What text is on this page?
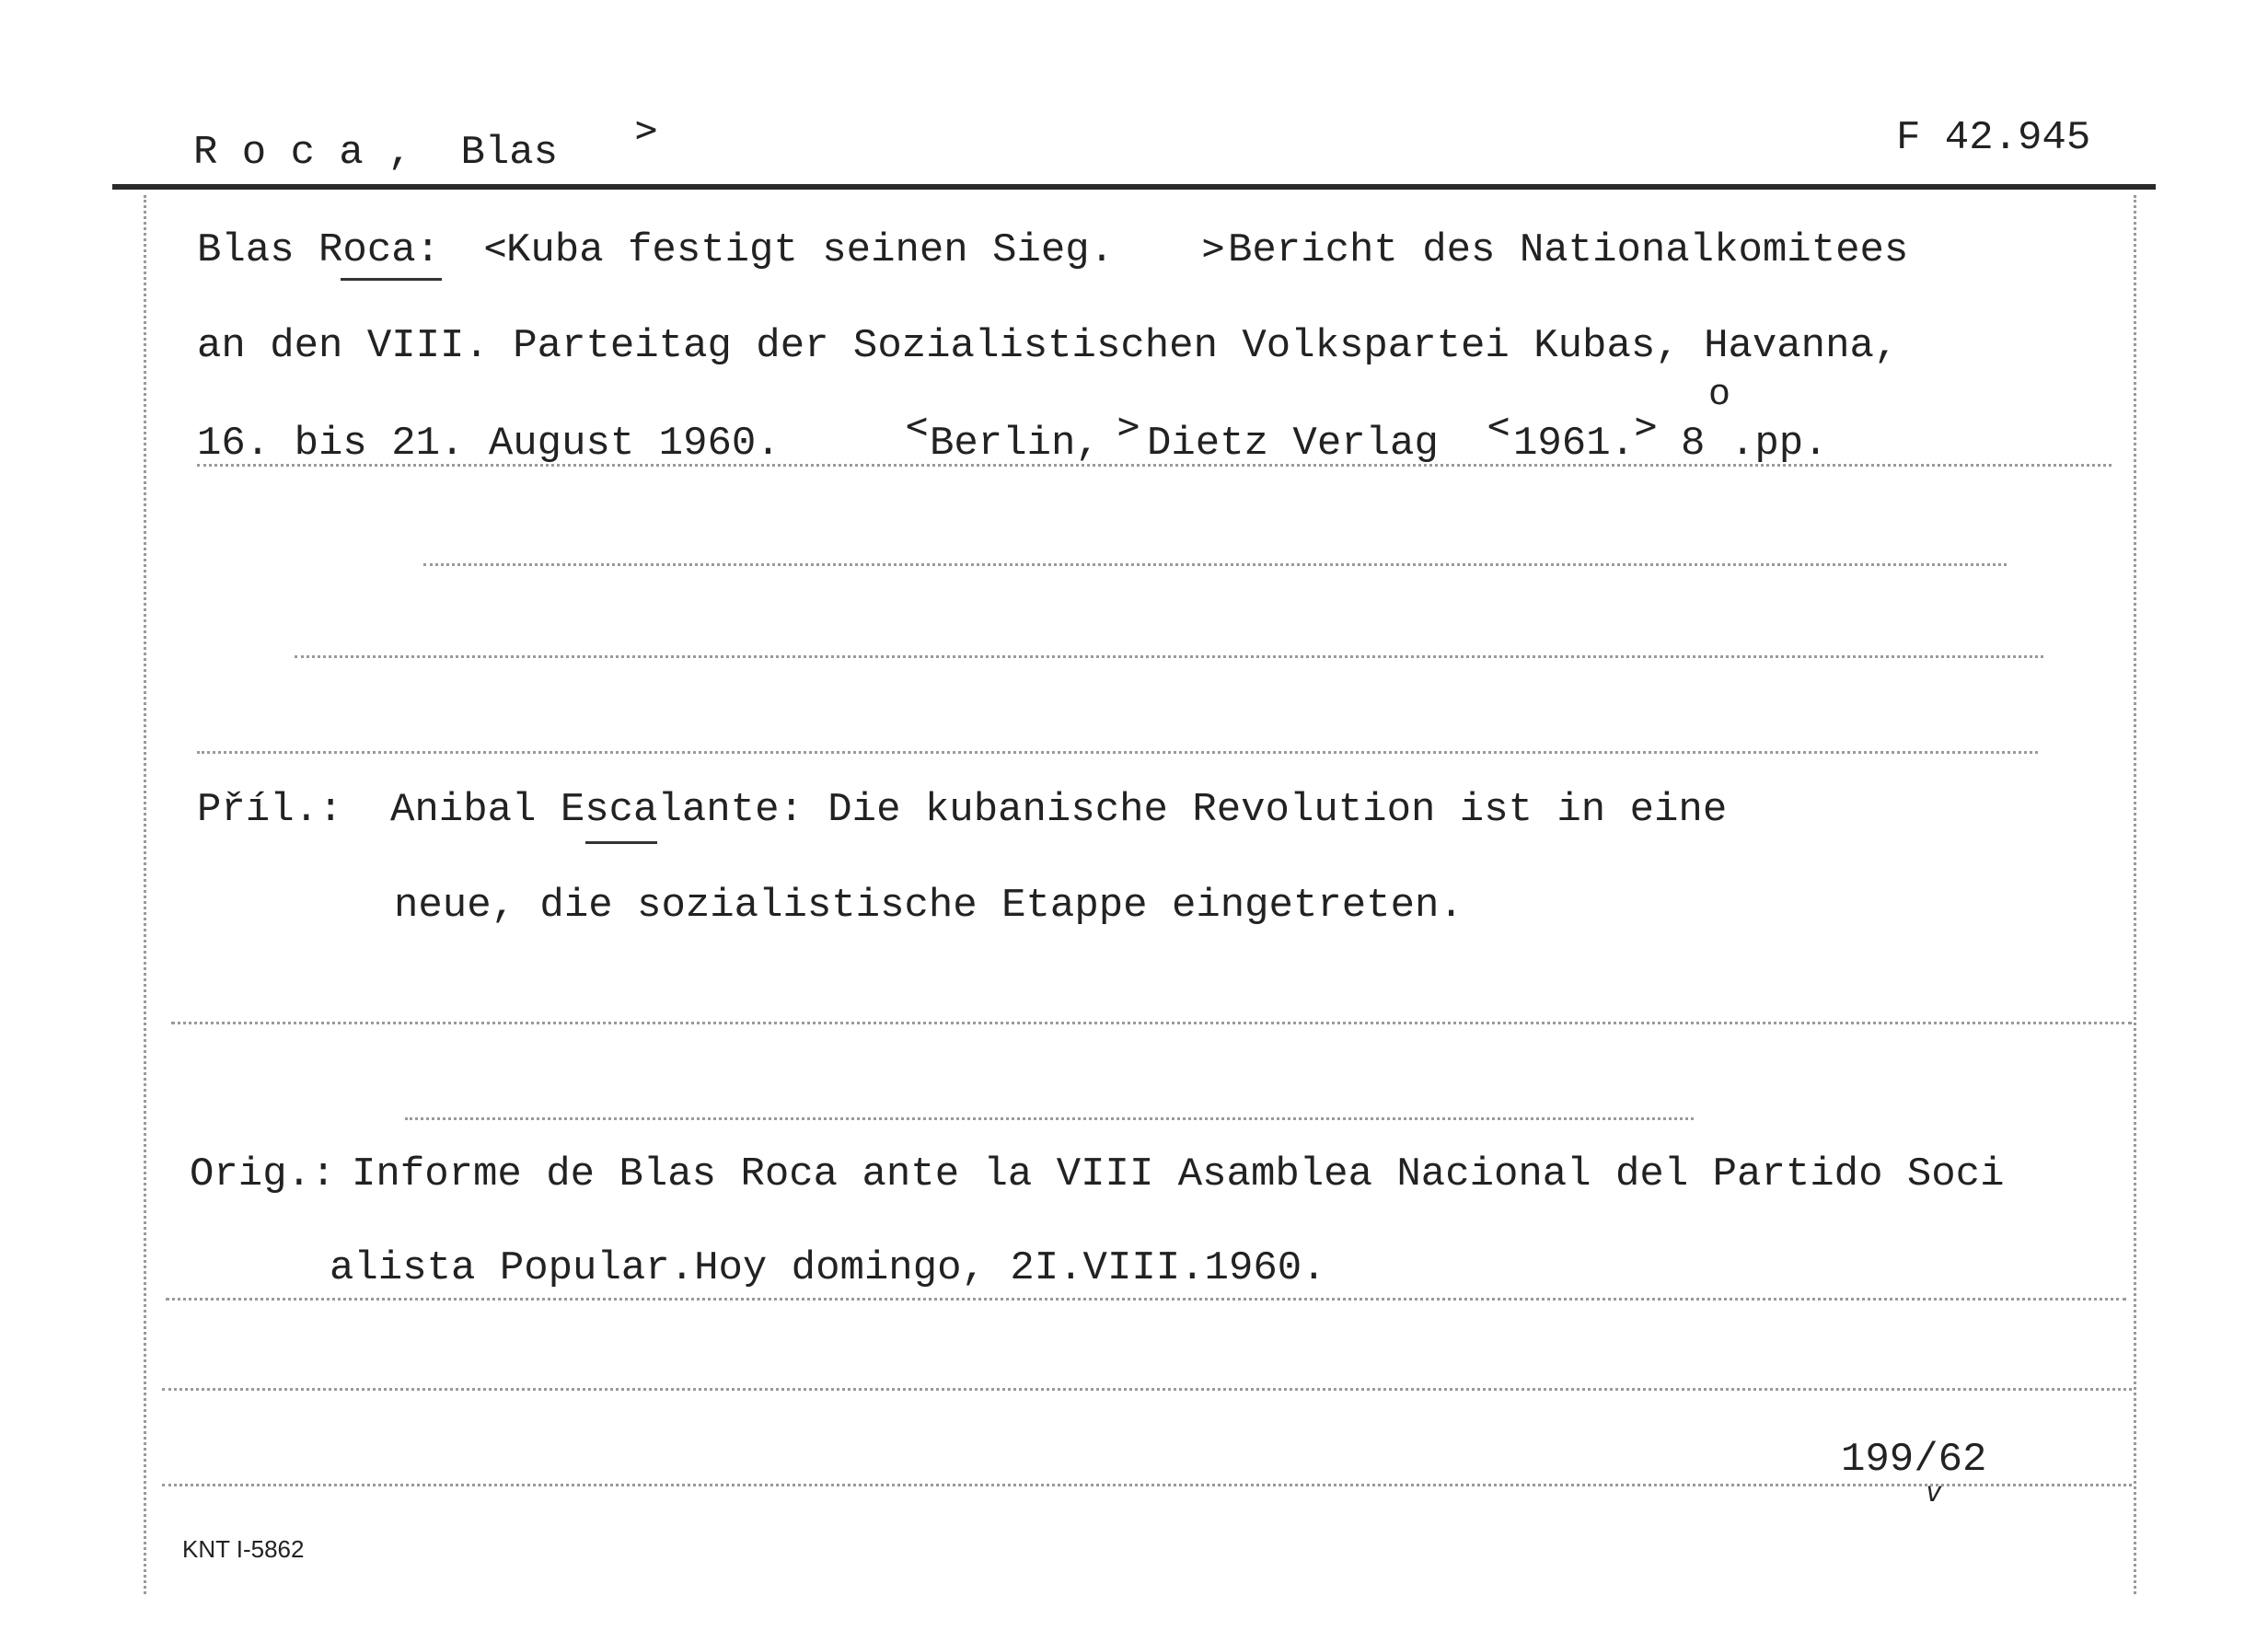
R o c a ,  Blas >	F 42.945
Blas Roca: < Kuba festigt seinen Sieg. > Bericht des Nationalkomitees
an den VIII. Parteitag der Sozialistischen Volkspartei Kubas, Havanna,
16. bis 21. August 1960.	< Berlin, > Dietz Verlag < 1961. > 8
o
.pp.
Příl.: Anibal Escalante: Die kubanische Revolution ist in eine
neue, die sozialistische Etappe eingetreten.
Orig.: Informe de Blas Roca ante la VIII Asamblea Nacional del Partido Soci
alista Popular.Hoy domingo, 2I.VIII.1960.
199/62
v
KNT I-5862
